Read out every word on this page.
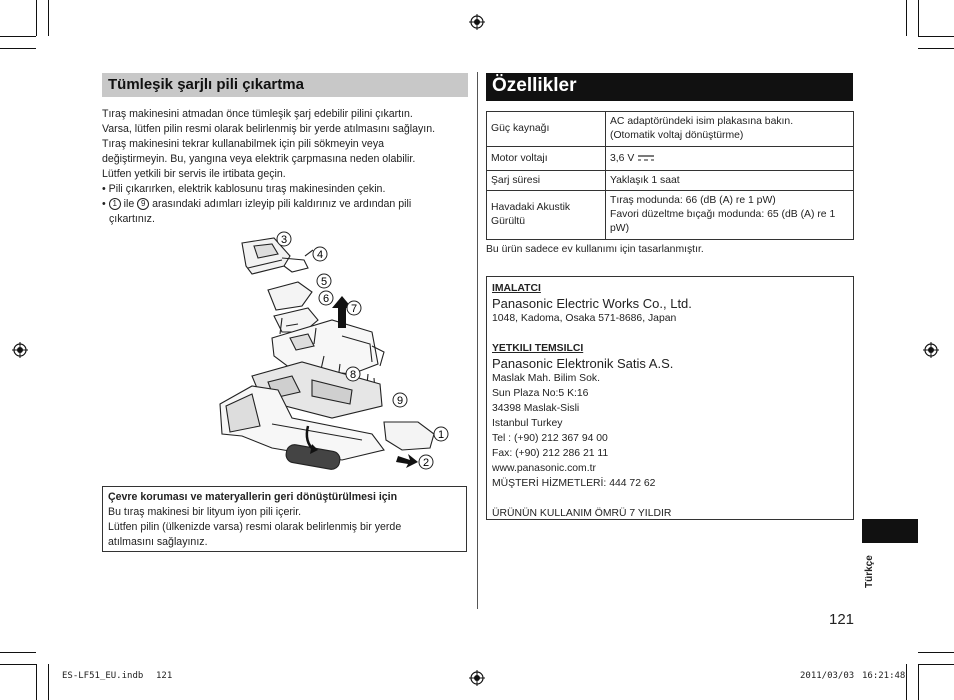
Tümleşik şarjlı pili çıkartma

Tıraş makinesini atmadan önce tümleşik şarj edebilir pilini çıkartın.

Varsa, lütfen pilin resmi olarak belirlenmiş bir yerde atılmasını sağlayın.

Tıraş makinesini tekrar kullanabilmek için pili sökmeyin veya

değiştirmeyin. Bu, yangına veya elektrik çarpmasına neden olabilir.

Lütfen yetkili bir servis ile irtibata geçin.

• Pili çıkarırken, elektrik kablosunu tıraş makinesinden çekin.

• 1 ile 9 arasındaki adımları izleyip pili kaldırınız ve ardından pili

çıkartınız.

3
4
5
6
7
8
9
1
2
Çevre koruması ve materyallerin geri dönüştürülmesi için
Bu tıraş makinesi bir lityum iyon pili içerir.
Lütfen pilin (ülkenizde varsa) resmi olarak belirlenmiş bir yerde
atılmasını sağlayınız.
Özellikler
Güç kaynağı	AC adaptöründeki isim plakasına bakın.
(Otomatik voltaj dönüştürme)

Motor voltajı	3,6 V
Şarj süresi	Yaklaşık 1 saat
Havadaki Akustik Gürültü	Tıraş modunda: 66 (dB (A) re 1 pW)
Favori düzeltme bıçağı modunda: 65 (dB (A) re 1 pW)
Bu ürün sadece ev kullanımı için tasarlanmıştır.

IMALATCI

Panasonic Electric Works Co., Ltd.

1048, Kadoma, Osaka 571-8686, Japan

YETKILI TEMSILCI

Panasonic Elektronik Satis A.S.

Maslak Mah. Bilim Sok.

Sun Plaza No:5 K:16

34398 Maslak-Sisli

Istanbul Turkey

Tel : (+90) 212 367 94 00

Fax: (+90) 212 286 21 11

www.panasonic.com.tr

MÜŞTERİ HİZMETLERİ: 444 72 62

ÜRÜNÜN KULLANIM ÖMRÜ 7 YILDIR

Türkçe
121
ES-LF51_EU.indb 121	2011/03/03 16:21:48
